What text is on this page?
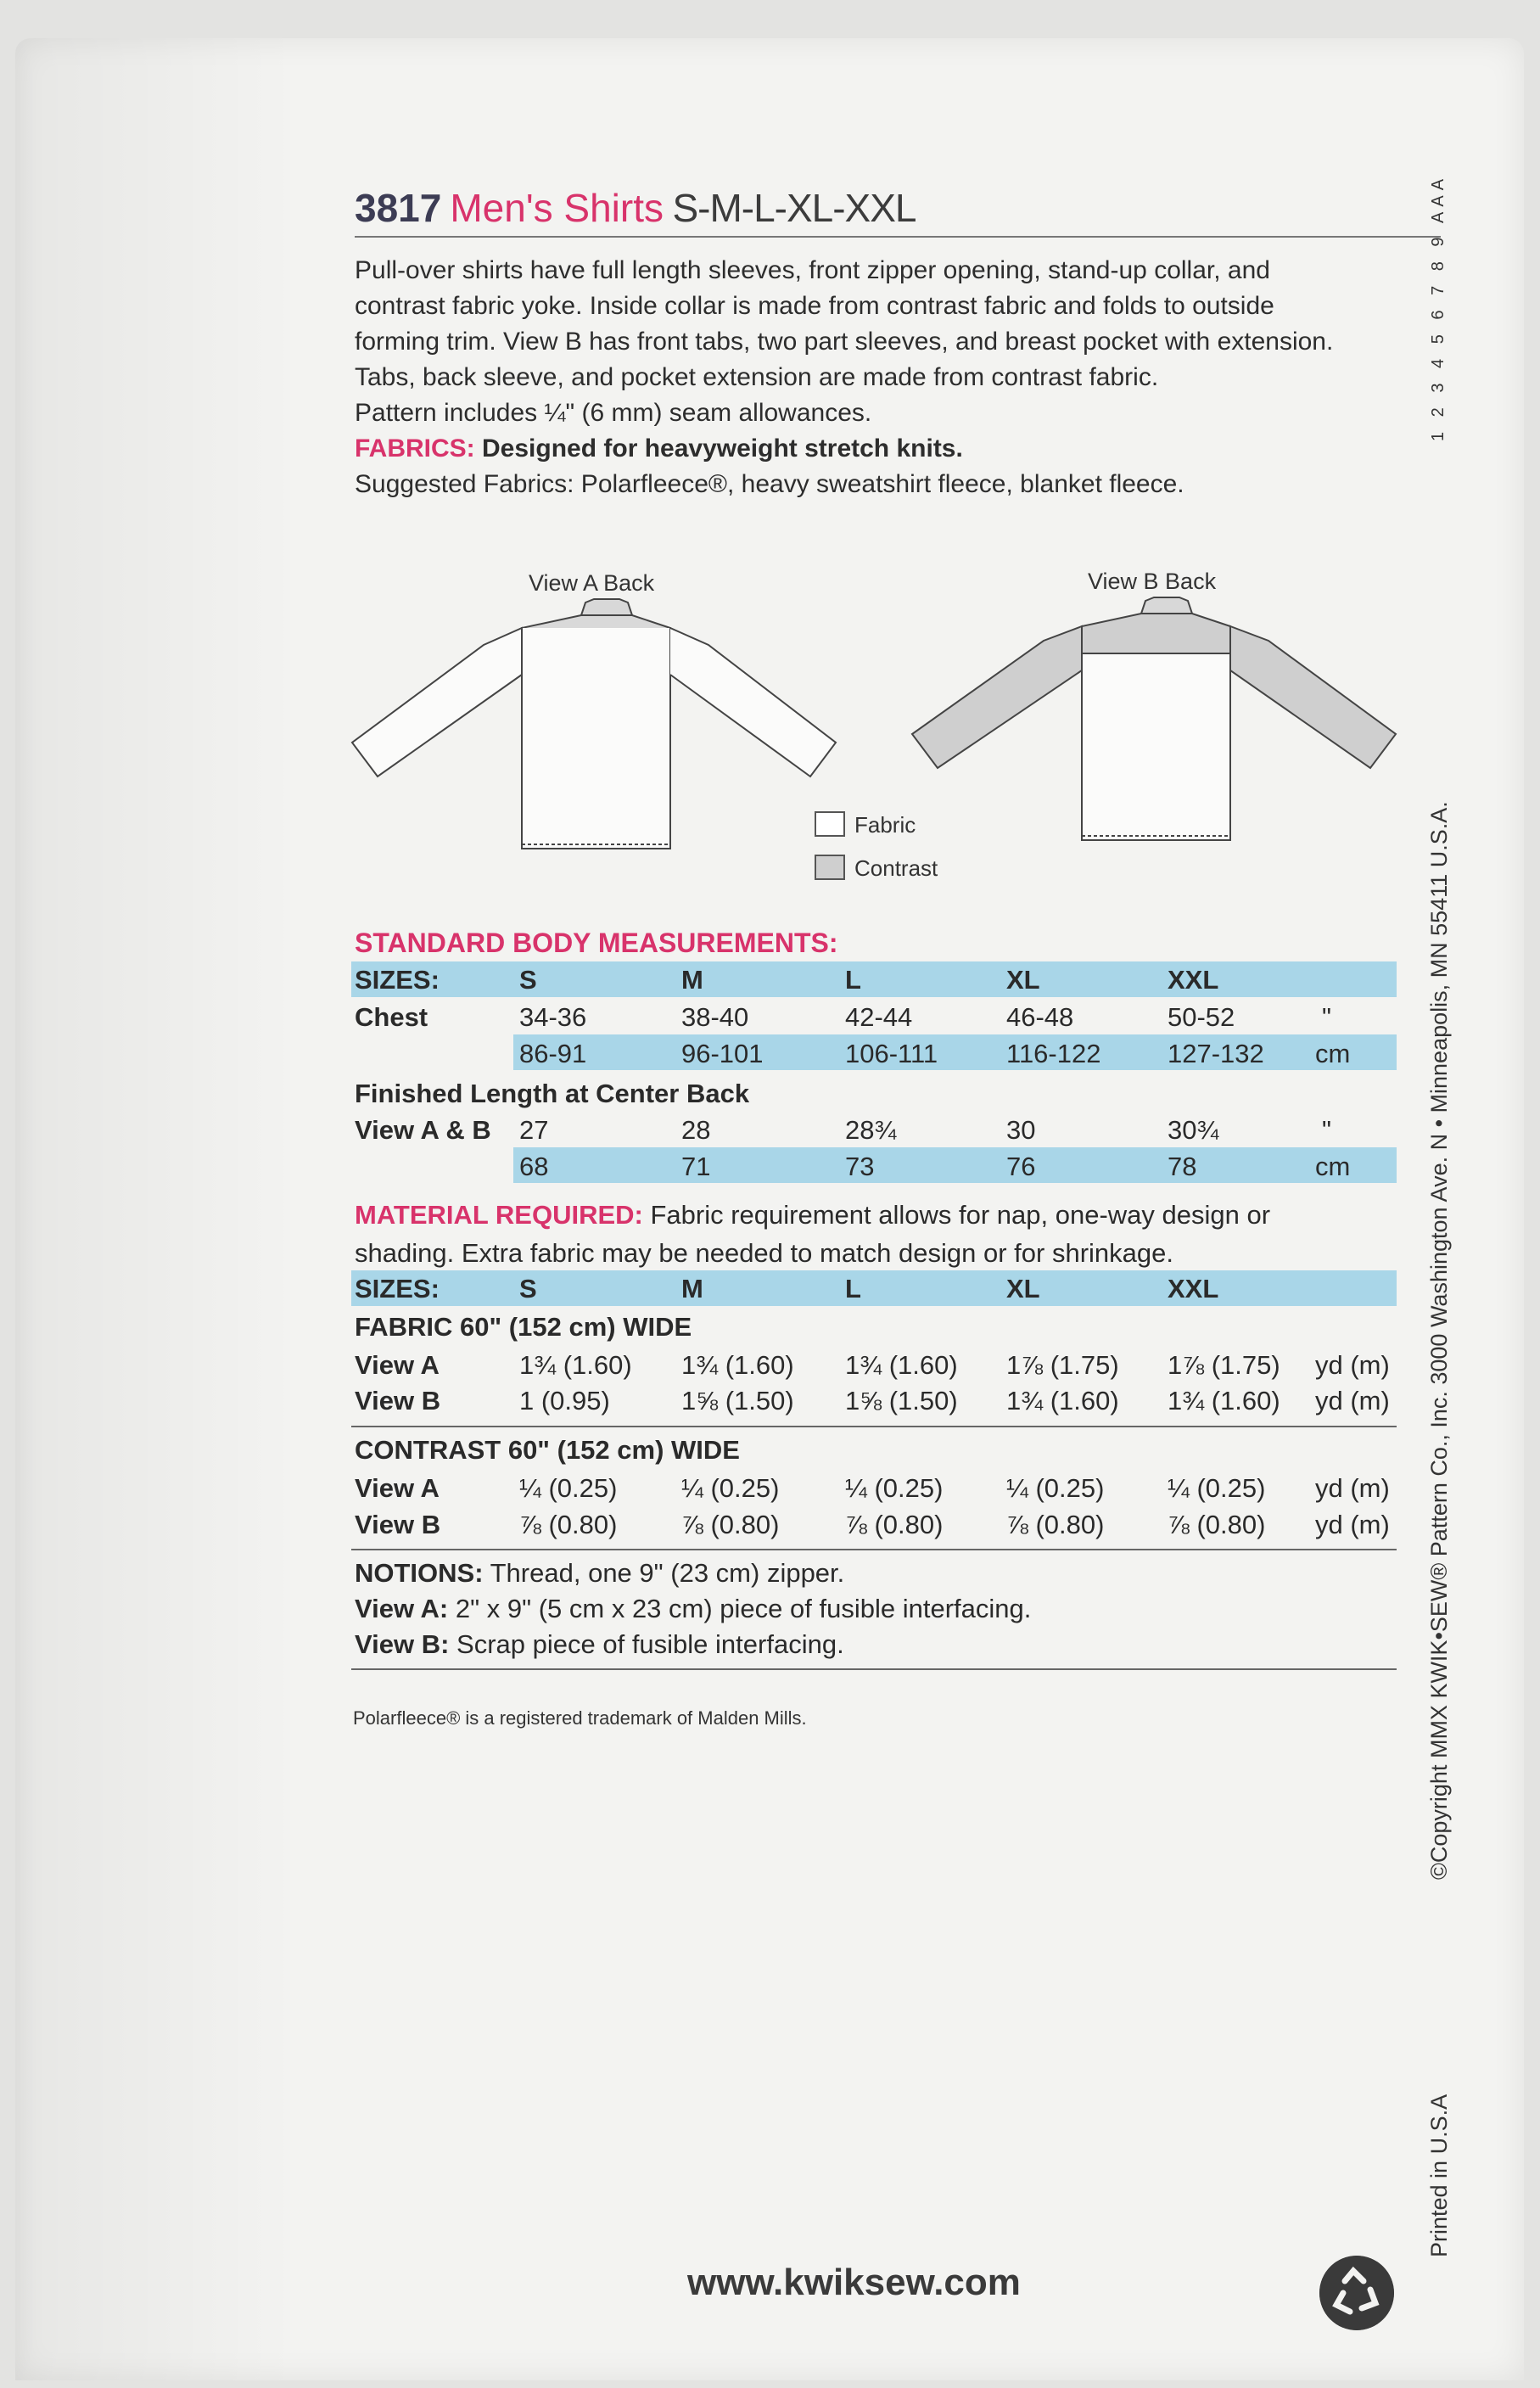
3817 Men's Shirts S-M-L-XL-XXL

Pull-over shirts have full length sleeves, front zipper opening, stand-up collar, and

contrast fabric yoke. Inside collar is made from contrast fabric and folds to outside

forming trim. View B has front tabs, two part sleeves, and breast pocket with extension.

Tabs, back sleeve, and pocket extension are made from contrast fabric.

Pattern includes ¼" (6 mm) seam allowances.

FABRICS: Designed for heavyweight stretch knits.

Suggested Fabrics: Polarfleece®, heavy sweatshirt fleece, blanket fleece.

View A Back	View B Back
Fabric
Contrast
STANDARD BODY MEASUREMENTS:
SIZES:	S	M	L	XL	XXL
Chest	34-36	38-40	42-44	46-48	50-52	"
86-91	96-101	106-111	116-122	127-132 cm
Finished Length at Center Back
View A & B 27	28	28¾	30	30¾	"
68	71	73	76	78	cm
MATERIAL REQUIRED: Fabric requirement allows for nap, one-way design or
shading. Extra fabric may be needed to match design or for shrinkage.
SIZES:	S	M	L	XL	XXL
FABRIC 60" (152 cm) WIDE
View A	1¾ (1.60) 1¾ (1.60) 1¾ (1.60) 1⅞ (1.75) 1⅞ (1.75) yd (m)
View B	1 (0.95)	1⅝ (1.50) 1⅝ (1.50) 1¾ (1.60) 1¾ (1.60) yd (m)
CONTRAST 60" (152 cm) WIDE
View A	¼ (0.25) ¼ (0.25)	¼ (0.25) ¼ (0.25) ¼ (0.25) yd (m)
View B	⅞ (0.80) ⅞ (0.80)	⅞ (0.80) ⅞ (0.80) ⅞ (0.80) yd (m)
NOTIONS: Thread, one 9" (23 cm) zipper.
View A: 2" x 9" (5 cm x 23 cm) piece of fusible interfacing.
View B: Scrap piece of fusible interfacing.
Polarfleece® is a registered trademark of Malden Mills.
www.kwiksew.com
1 2 3 4 5 6 7 8 9 AAA
©Copyright MMX KWIK•SEW® Pattern Co., Inc. 3000 Washington Ave. N • Minneapolis, MN 55411 U.S.A.
Printed in U.S.A
